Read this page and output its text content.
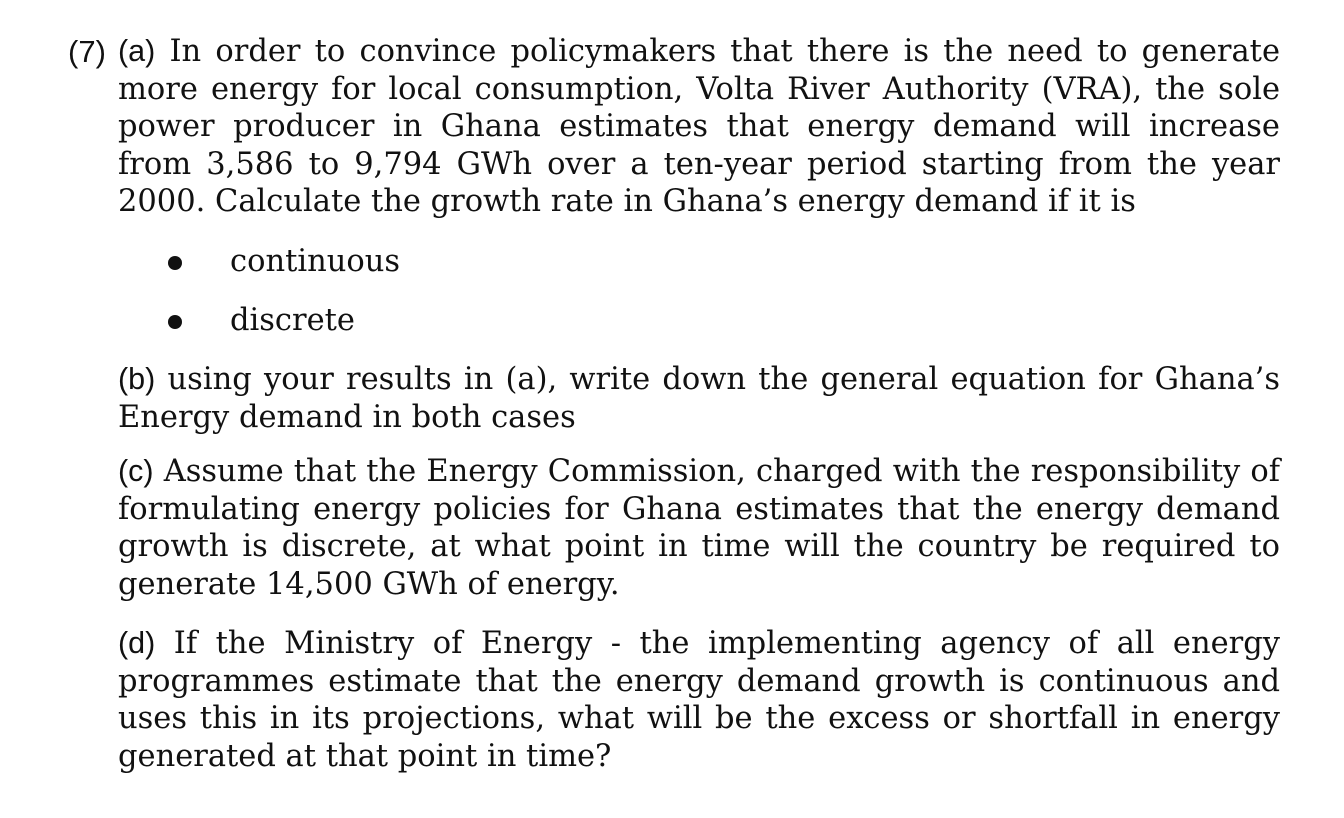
(7) (a) In order to convince policymakers that there is the need to generate more energy for local consumption, Volta River Authority (VRA), the sole power producer in Ghana estimates that energy demand will increase from 3,586 to 9,794 GWh over a ten-year period starting from the year 2000. Calculate the growth rate in Ghana’s energy demand if it is

continuous
discrete

(b) using your results in (a), write down the general equation for Ghana’s Energy demand in both cases

(c) Assume that the Energy Commission, charged with the responsibility of formulating energy policies for Ghana estimates that the energy demand growth is discrete, at what point in time will the country be required to generate 14,500 GWh of energy.

(d) If the Ministry of Energy - the implementing agency of all energy programmes estimate that the energy demand growth is continuous and uses this in its projections, what will be the excess or shortfall in energy generated at that point in time?
